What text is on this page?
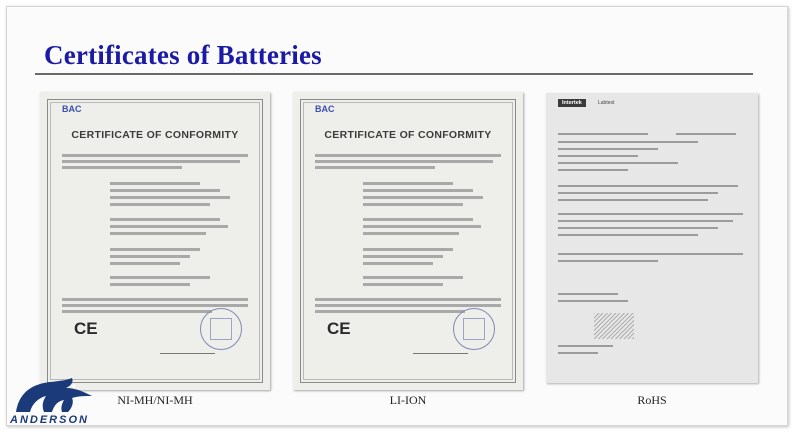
Certificates of Batteries
BAC
CERTIFICATE OF CONFORMITY
CE
NI-MH/NI-MH
BAC
CERTIFICATE OF CONFORMITY
CE
LI-ION
Intertek	Labtest
RoHS
ANDERSON
